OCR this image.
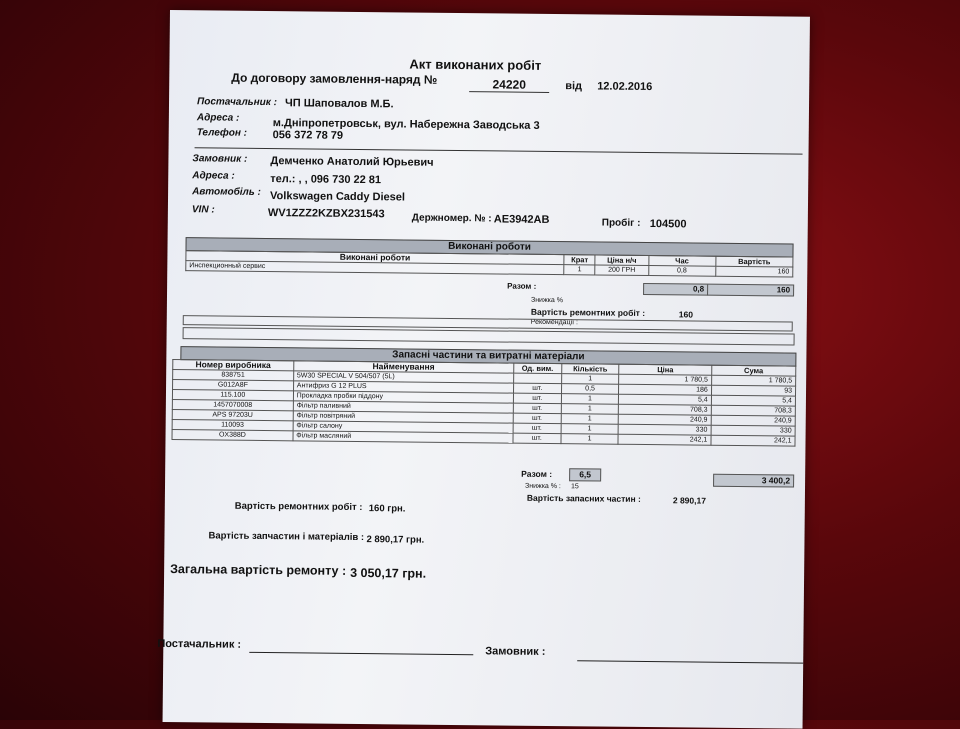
Акт виконаних робіт
До договору замовлення-наряд №	24220	від 12.02.2016
Постачальник : ЧП Шаповалов М.Б.
Адреса :	м.Дніпропетровськ, вул. Набережна Заводська 3
Телефон : 056 372 78 79
Замовник : Демченко Анатолий Юрьевич
Адреса :	тел.: , , 096 730 22 81
Автомобіль : Volkswagen Caddy Diesel
VIN :	WV1ZZZ2KZBX231543	Держномер. № : AE3942AB	Пробіг : 104500
Виконані роботи
Виконані роботи	Крат	Ціна н/ч	Час	Вартість
Инспекционный сервис	1	200 ГРН	0,8	160
Разом :	0,8	160
Знижка %
Вартість ремонтних робіт :	160
Рекомендації :
Запасні частини та витратні матеріали
Номер виробника	Найменування	Од. вим.	Кількість	Ціна	Сума
838751	5W30 SPECIAL V 504/507 (5L)		1	1 780,5	1 780,5
G012A8F	Антифриз G 12 PLUS	шт.	0,5	186	93
115.100	Прокладка пробки піддону	шт.	1	5,4	5,4
1457070008	Фільтр паливний	шт.	1	708,3	708,3
APS 97203U	Фільтр повітряний	шт.	1	240,9	240,9
110093	Фільтр салону	шт.	1	330	330
OX388D	Фільтр масляний	шт.	1	242,1	242,1
Разом :	6,5
3 400,2
Знижка % : 15
Вартість запасних частин :	2 890,17
Вартість ремонтних робіт : 160 грн.
Вартість запчастин і матеріалів : 2 890,17 грн.
Загальна вартість ремонту : 3 050,17 грн.
Постачальник :
Замовник :
